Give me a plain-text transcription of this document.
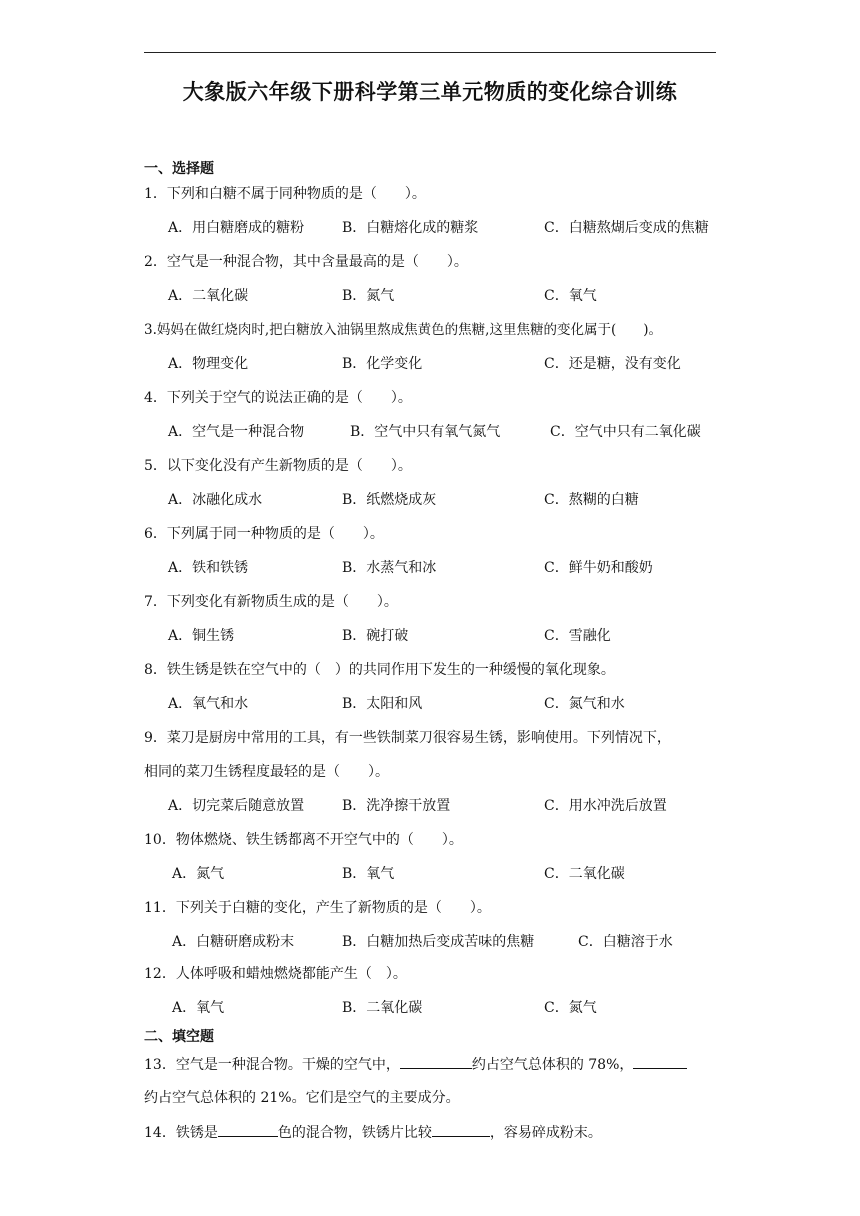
大象版六年级下册科学第三单元物质的变化综合训练
一、选择题
1．下列和白糖不属于同种物质的是（　　）。
A．用白糖磨成的糖粉	B．白糖熔化成的糖浆	C．白糖熬煳后变成的焦糖
2．空气是一种混合物，其中含量最高的是（　　）。
A．二氧化碳	B．氮气	C．氧气
3.妈妈在做红烧肉时,把白糖放入油锅里熬成焦黄色的焦糖,这里焦糖的变化属于(　　)。
A．物理变化	B．化学变化	C．还是糖，没有变化
4．下列关于空气的说法正确的是（　　）。
A．空气是一种混合物	B．空气中只有氧气氮气	C．空气中只有二氧化碳
5．以下变化没有产生新物质的是（　　）。
A．冰融化成水	B．纸燃烧成灰	C．熬糊的白糖
6．下列属于同一种物质的是（　　）。
A．铁和铁锈	B．水蒸气和冰	C．鲜牛奶和酸奶
7．下列变化有新物质生成的是（　　）。
A．铜生锈	B．碗打破	C．雪融化
8．铁生锈是铁在空气中的（　）的共同作用下发生的一种缓慢的氧化现象。
A．氧气和水	B．太阳和风	C．氮气和水
9．菜刀是厨房中常用的工具，有一些铁制菜刀很容易生锈，影响使用。下列情况下，
相同的菜刀生锈程度最轻的是（　　）。
A．切完菜后随意放置	B．洗净擦干放置	C．用水冲洗后放置
10．物体燃烧、铁生锈都离不开空气中的（　　）。
A．氮气	B．氧气	C．二氧化碳
11．下列关于白糖的变化，产生了新物质的是（　　）。
A．白糖研磨成粉末	B．白糖加热后变成苦味的焦糖	C．白糖溶于水
12．人体呼吸和蜡烛燃烧都能产生（　）。
A．氧气	B．二氧化碳	C．氮气
二、填空题
13．空气是一种混合物。干燥的空气中，	约占空气总体积的 78%，
约占空气总体积的 21%。它们是空气的主要成分。
14．铁锈是	色的混合物，铁锈片比较	，容易碎成粉末。
